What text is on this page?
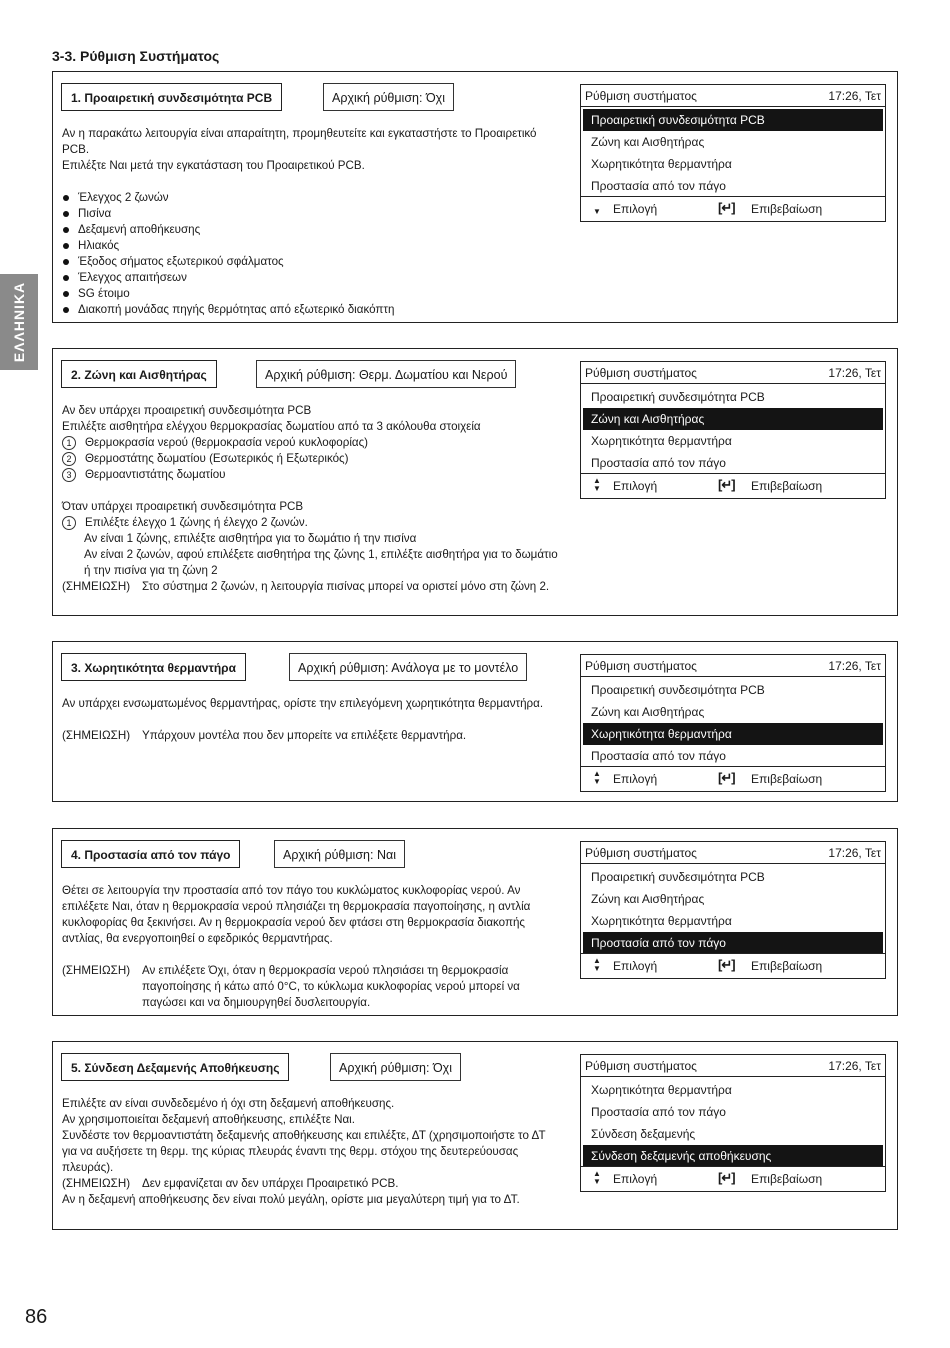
3-3. Ρύθμιση Συστήματος
ΕΛΛΗΝΙΚΑ
1. Προαιρετική συνδεσιμότητα PCB	Αρχική ρύθμιση: Όχι

Αν η παρακάτω λειτουργία είναι απαραίτητη, προμηθευτείτε και εγκαταστήστε το Προαιρετικό PCB.

Επιλέξτε Ναι μετά την εγκατάσταση του Προαιρετικού PCB.

Έλεγχος 2 ζωνών
Πισίνα
Δεξαμενή αποθήκευσης
Ηλιακός
Έξοδος σήματος εξωτερικού σφάλματος
Έλεγχος απαιτήσεων
SG έτοιμο
Διακοπή μονάδας πηγής θερμότητας από εξωτερικό διακόπτη
Ρύθμιση συστήματος	17:26, Τετ
Προαιρετική συνδεσιμότητα PCB
Ζώνη και Αισθητήρας
Χωρητικότητα θερμαντήρα
Προστασία από τον πάγο

▼ Επιλογή	[↵] Επιβεβαίωση
2. Ζώνη και Αισθητήρας	Αρχική ρύθμιση: Θερμ. Δωματίου και Νερού

Αν δεν υπάρχει προαιρετική συνδεσιμότητα PCB

Επιλέξτε αισθητήρα ελέγχου θερμοκρασίας δωματίου από τα 3 ακόλουθα στοιχεία

1	Θερμοκρασία νερού (θερμοκρασία νερού κυκλοφορίας)
2	Θερμοστάτης δωματίου (Εσωτερικός ή Εξωτερικός)
3	Θερμοαντιστάτης δωματίου

Όταν υπάρχει προαιρετική συνδεσιμότητα PCB

1	Επιλέξτε έλεγχο 1 ζώνης ή έλεγχο 2 ζωνών.

Αν είναι 1 ζώνης, επιλέξτε αισθητήρα για το δωμάτιο ή την πισίνα

Αν είναι 2 ζωνών, αφού επιλέξετε αισθητήρα της ζώνης 1, επιλέξτε αισθητήρα για το δωμάτιο ή την πισίνα για τη ζώνη 2

(ΣΗΜΕΙΩΣΗ)	Στο σύστημα 2 ζωνών, η λειτουργία πισίνας μπορεί να οριστεί μόνο στη ζώνη 2.
Ρύθμιση συστήματος	17:26, Τετ
Προαιρετική συνδεσιμότητα PCB
Ζώνη και Αισθητήρας
Χωρητικότητα θερμαντήρα
Προστασία από τον πάγο
▲
▼ Επιλογή	[↵] Επιβεβαίωση
3. Χωρητικότητα θερμαντήρα	Αρχική ρύθμιση: Ανάλογα με το μοντέλο

Αν υπάρχει ενσωματωμένος θερμαντήρας, ορίστε την επιλεγόμενη χωρητικότητα θερμαντήρα.

(ΣΗΜΕΙΩΣΗ)	Υπάρχουν μοντέλα που δεν μπορείτε να επιλέξετε θερμαντήρα.
Ρύθμιση συστήματος	17:26, Τετ
Προαιρετική συνδεσιμότητα PCB
Ζώνη και Αισθητήρας
Χωρητικότητα θερμαντήρα
Προστασία από τον πάγο
▲
▼ Επιλογή	[↵] Επιβεβαίωση
4. Προστασία από τον πάγο	Αρχική ρύθμιση: Ναι

Θέτει σε λειτουργία την προστασία από τον πάγο του κυκλώματος κυκλοφορίας νερού. Αν επιλέξετε Ναι, όταν η θερμοκρασία νερού πλησιάζει τη θερμοκρασία παγοποίησης, η αντλία κυκλοφορίας θα ξεκινήσει. Αν η θερμοκρασία νερού δεν φτάσει στη θερμοκρασία διακοπής αντλίας, θα ενεργοποιηθεί ο εφεδρικός θερμαντήρας.

(ΣΗΜΕΙΩΣΗ)	Αν επιλέξετε Όχι, όταν η θερμοκρασία νερού πλησιάσει τη θερμοκρασία παγοποίησης ή κάτω από 0°C, το κύκλωμα κυκλοφορίας νερού μπορεί να παγώσει και να δημιουργηθεί δυσλειτουργία.
Ρύθμιση συστήματος	17:26, Τετ
Προαιρετική συνδεσιμότητα PCB
Ζώνη και Αισθητήρας
Χωρητικότητα θερμαντήρα
Προστασία από τον πάγο
▲
▼ Επιλογή	[↵] Επιβεβαίωση
5. Σύνδεση Δεξαμενής Αποθήκευσης	Αρχική ρύθμιση: Όχι

Επιλέξτε αν είναι συνδεδεμένο ή όχι στη δεξαμενή αποθήκευσης.

Αν χρησιμοποιείται δεξαμενή αποθήκευσης, επιλέξτε Ναι.

Συνδέστε τον θερμοαντιστάτη δεξαμενής αποθήκευσης και επιλέξτε, ΔΤ (χρησιμοποιήστε το ΔΤ για να αυξήσετε τη θερμ. της κύριας πλευράς έναντι της θερμ. στόχου της δευτερεύουσας πλευράς).

(ΣΗΜΕΙΩΣΗ)	Δεν εμφανίζεται αν δεν υπάρχει Προαιρετικό PCB.

Αν η δεξαμενή αποθήκευσης δεν είναι πολύ μεγάλη, ορίστε μια μεγαλύτερη τιμή για το ΔΤ.

Ρύθμιση συστήματος	17:26, Τετ
Χωρητικότητα θερμαντήρα
Προστασία από τον πάγο
Σύνδεση δεξαμενής
Σύνδεση δεξαμενής αποθήκευσης
▲
▼ Επιλογή	[↵] Επιβεβαίωση
86
